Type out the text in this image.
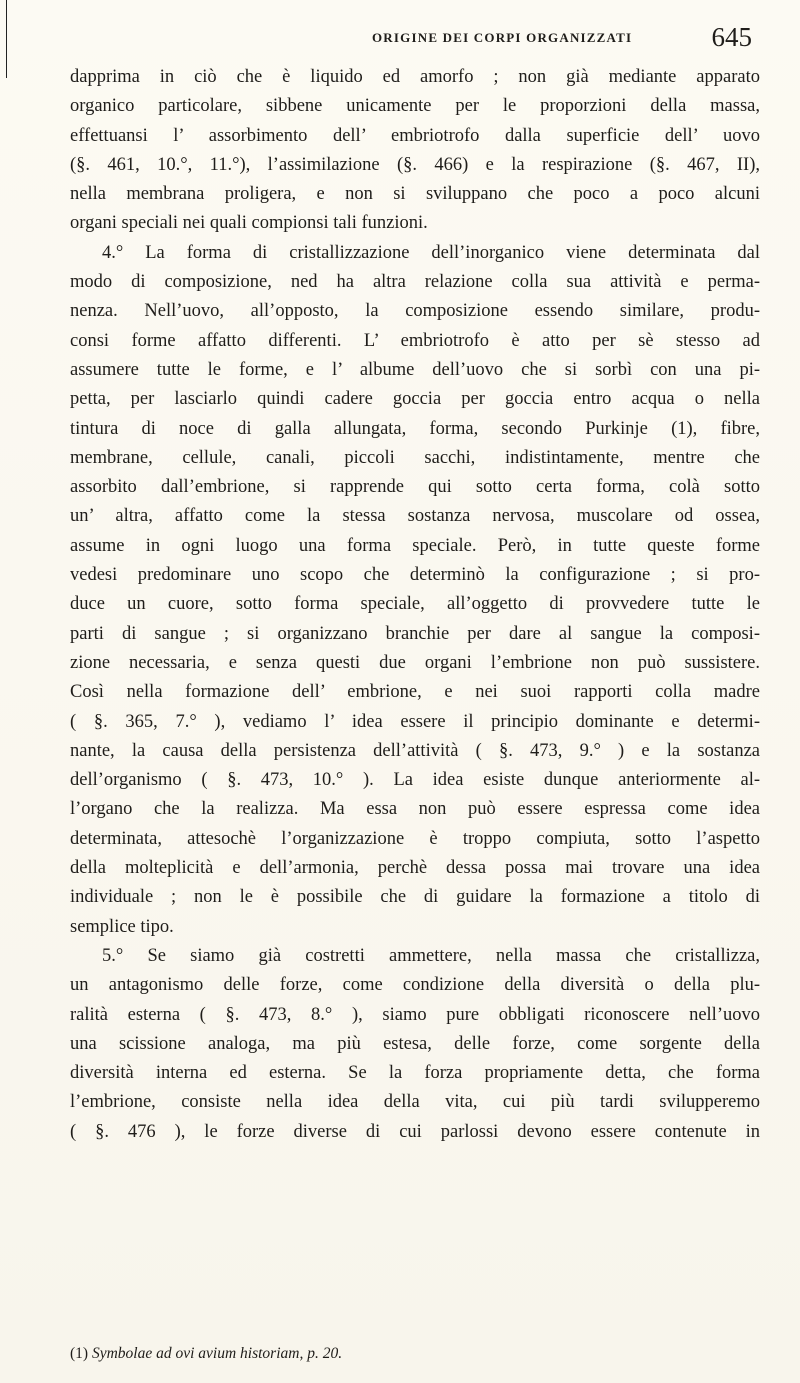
ORIGINE DEI CORPI ORGANIZZATI	645
dapprima in ciò che è liquido ed amorfo ; non già mediante apparato
organico particolare, sibbene unicamente per le proporzioni della massa,
effettuansi l’ assorbimento dell’ embriotrofo dalla superficie dell’ uovo
(§. 461, 10.°, 11.°), l’assimilazione (§. 466) e la respirazione (§. 467, II),
nella membrana proligera, e non si sviluppano che poco a poco alcuni
organi speciali nei quali compionsi tali funzioni.
4.° La forma di cristallizzazione dell’inorganico viene determinata dal
modo di composizione, ned ha altra relazione colla sua attività e perma-
nenza. Nell’uovo, all’opposto, la composizione essendo similare, produ-
consi forme affatto differenti. L’ embriotrofo è atto per sè stesso ad
assumere tutte le forme, e l’ albume dell’uovo che si sorbì con una pi-
petta, per lasciarlo quindi cadere goccia per goccia entro acqua o nella
tintura di noce di galla allungata, forma, secondo Purkinje (1), fibre,
membrane, cellule, canali, piccoli sacchi, indistintamente, mentre che
assorbito dall’embrione, si rapprende qui sotto certa forma, colà sotto
un’ altra, affatto come la stessa sostanza nervosa, muscolare od ossea,
assume in ogni luogo una forma speciale. Però, in tutte queste forme
vedesi predominare uno scopo che determinò la configurazione ; si pro-
duce un cuore, sotto forma speciale, all’oggetto di provvedere tutte le
parti di sangue ; si organizzano branchie per dare al sangue la composi-
zione necessaria, e senza questi due organi l’embrione non può sussistere.
Così nella formazione dell’ embrione, e nei suoi rapporti colla madre
( §. 365, 7.° ), vediamo l’ idea essere il principio dominante e determi-
nante, la causa della persistenza dell’attività ( §. 473, 9.° ) e la sostanza
dell’organismo ( §. 473, 10.° ). La idea esiste dunque anteriormente al-
l’organo che la realizza. Ma essa non può essere espressa come idea
determinata, attesochè l’organizzazione è troppo compiuta, sotto l’aspetto
della molteplicità e dell’armonia, perchè dessa possa mai trovare una idea
individuale ; non le è possibile che di guidare la formazione a titolo di
semplice tipo.
5.° Se siamo già costretti ammettere, nella massa che cristallizza,
un antagonismo delle forze, come condizione della diversità o della plu-
ralità esterna ( §. 473, 8.° ), siamo pure obbligati riconoscere nell’uovo
una scissione analoga, ma più estesa, delle forze, come sorgente della
diversità interna ed esterna. Se la forza propriamente detta, che forma
l’embrione, consiste nella idea della vita, cui più tardi svilupperemo
( §. 476 ), le forze diverse di cui parlossi devono essere contenute in
(1) Symbolae ad ovi avium historiam, p. 20.
